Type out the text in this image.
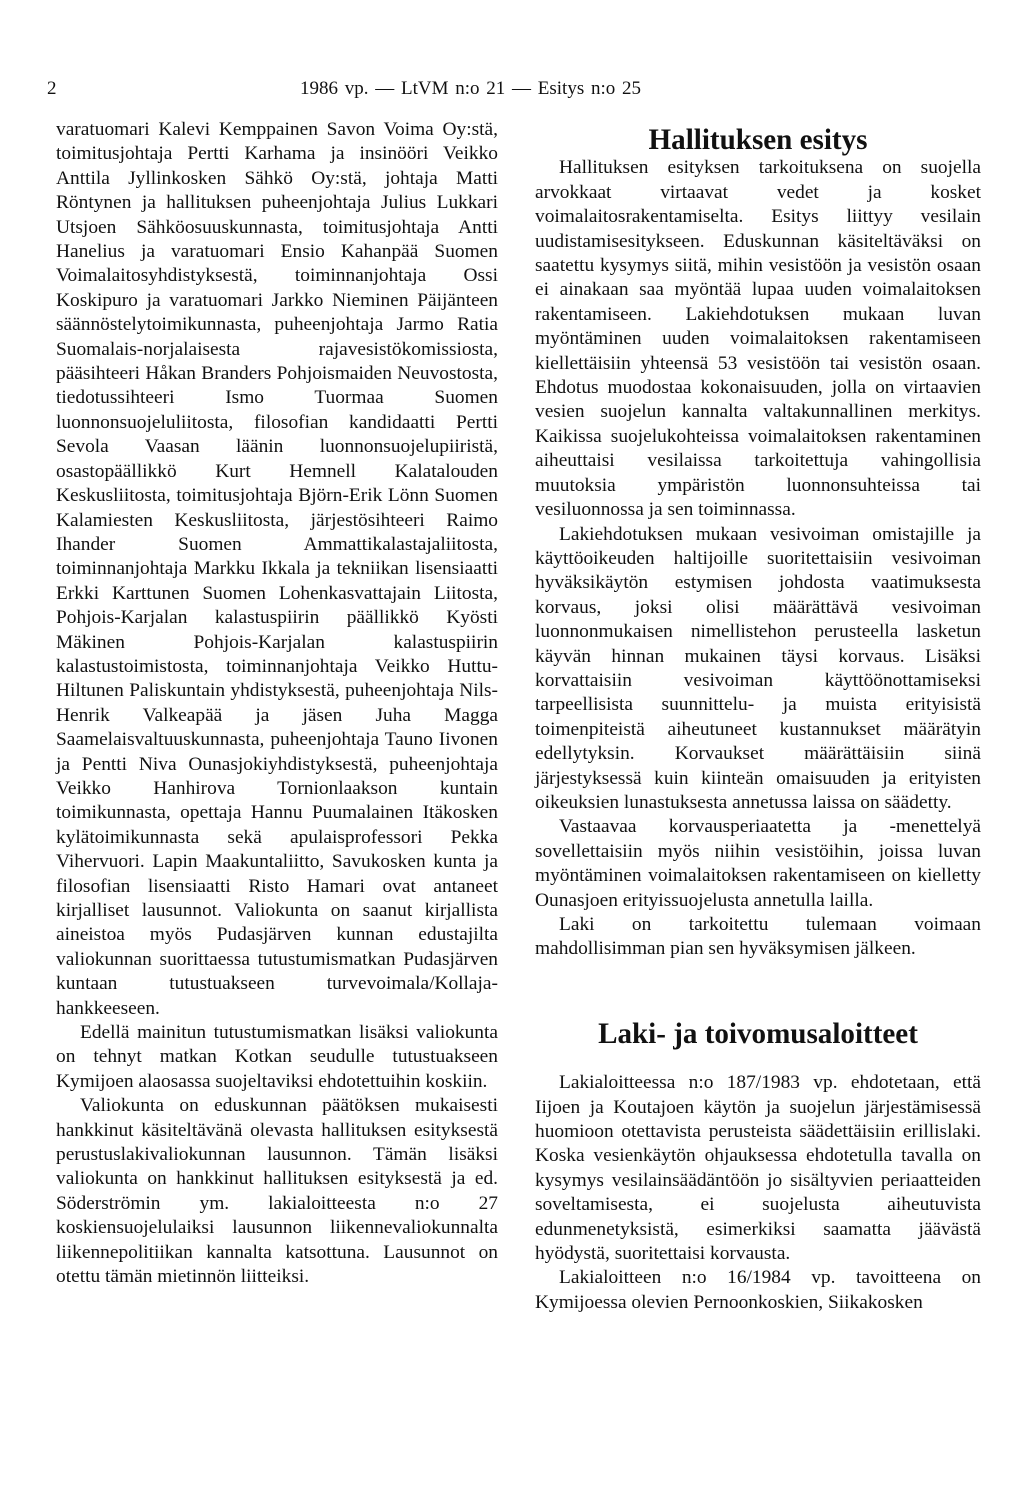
2	1986 vp. — LtVM n:o 21 — Esitys n:o 25

varatuomari Kalevi Kemppainen Savon Voima Oy:stä, toimitusjohtaja Pertti Karhama ja insinööri Veikko Anttila Jyllinkosken Sähkö Oy:stä, johtaja Matti Röntynen ja hallituksen puheenjohtaja Julius Lukkari Utsjoen Sähköosuuskunnasta, toimitusjohtaja Antti Hanelius ja varatuomari Ensio Kahanpää Suomen Voimalaitosyhdistyksestä, toiminnanjohtaja Ossi Koskipuro ja varatuomari Jarkko Nieminen Päijänteen säännöstelytoimikunnasta, puheenjohtaja Jarmo Ratia Suomalais-norjalaisesta rajavesistökomissiosta, pääsihteeri Håkan Branders Pohjoismaiden Neuvostosta, tiedotussihteeri Ismo Tuormaa Suomen luonnonsuojeluliitosta, filosofian kandidaatti Pertti Sevola Vaasan läänin luonnonsuojelupiiristä, osastopäällikkö Kurt Hemnell Kalatalouden Keskusliitosta, toimitusjohtaja Björn-Erik Lönn Suomen Kalamiesten Keskusliitosta, järjestösihteeri Raimo Ihander Suomen Ammattikalastajaliitosta, toiminnanjohtaja Markku Ikkala ja tekniikan lisensiaatti Erkki Karttunen Suomen Lohenkasvattajain Liitosta, Pohjois-Karjalan kalastuspiirin päällikkö Kyösti Mäkinen Pohjois-Karjalan kalastuspiirin kalastustoimistosta, toiminnanjohtaja Veikko Huttu-Hiltunen Paliskuntain yhdistyksestä, puheenjohtaja Nils-Henrik Valkeapää ja jäsen Juha Magga Saamelaisvaltuuskunnasta, puheenjohtaja Tauno Iivonen ja Pentti Niva Ounasjokiyhdistyksestä, puheenjohtaja Veikko Hanhirova Tornionlaakson kuntain toimikunnasta, opettaja Hannu Puumalainen Itäkosken kylätoimikunnasta sekä apulaisprofessori Pekka Vihervuori. Lapin Maakuntaliitto, Savukosken kunta ja filosofian lisensiaatti Risto Hamari ovat antaneet kirjalliset lausunnot. Valiokunta on saanut kirjallista aineistoa myös Pudasjärven kunnan edustajilta valiokunnan suorittaessa tutustumismatkan Pudasjärven kuntaan tutustuakseen turvevoimala/Kollaja-hankkeeseen.

Edellä mainitun tutustumismatkan lisäksi valiokunta on tehnyt matkan Kotkan seudulle tutustuakseen Kymijoen alaosassa suojeltaviksi ehdotettuihin koskiin.

Valiokunta on eduskunnan päätöksen mukaisesti hankkinut käsiteltävänä olevasta hallituksen esityksestä perustuslakivaliokunnan lausunnon. Tämän lisäksi valiokunta on hankkinut hallituksen esityksestä ja ed. Söderströmin ym. lakialoitteesta n:o 27 koskiensuojelulaiksi lausunnon liikennevaliokunnalta liikennepolitiikan kannalta katsottuna. Lausunnot on otettu tämän mietinnön liitteiksi.

Hallituksen esitys

Hallituksen esityksen tarkoituksena on suojella arvokkaat virtaavat vedet ja kosket voimalaitosrakentamiselta. Esitys liittyy vesilain uudistamisesitykseen. Eduskunnan käsiteltäväksi on saatettu kysymys siitä, mihin vesistöön ja vesistön osaan ei ainakaan saa myöntää lupaa uuden voimalaitoksen rakentamiseen. Lakiehdotuksen mukaan luvan myöntäminen uuden voimalaitoksen rakentamiseen kiellettäisiin yhteensä 53 vesistöön tai vesistön osaan. Ehdotus muodostaa kokonaisuuden, jolla on virtaavien vesien suojelun kannalta valtakunnallinen merkitys. Kaikissa suojelukohteissa voimalaitoksen rakentaminen aiheuttaisi vesilaissa tarkoitettuja vahingollisia muutoksia ympäristön luonnonsuhteissa tai vesiluonnossa ja sen toiminnassa.

Lakiehdotuksen mukaan vesivoiman omistajille ja käyttöoikeuden haltijoille suoritettaisiin vesivoiman hyväksikäytön estymisen johdosta vaatimuksesta korvaus, joksi olisi määrättävä vesivoiman luonnonmukaisen nimellistehon perusteella lasketun käyvän hinnan mukainen täysi korvaus. Lisäksi korvattaisiin vesivoiman käyttöönottamiseksi tarpeellisista suunnittelu- ja muista erityisistä toimenpiteistä aiheutuneet kustannukset määrätyin edellytyksin. Korvaukset määrättäisiin siinä järjestyksessä kuin kiinteän omaisuuden ja erityisten oikeuksien lunastuksesta annetussa laissa on säädetty.

Vastaavaa korvausperiaatetta ja -menettelyä sovellettaisiin myös niihin vesistöihin, joissa luvan myöntäminen voimalaitoksen rakentamiseen on kielletty Ounasjoen erityissuojelusta annetulla lailla.

Laki on tarkoitettu tulemaan voimaan mahdollisimman pian sen hyväksymisen jälkeen.

Laki- ja toivomusaloitteet

Lakialoitteessa n:o 187/1983 vp. ehdotetaan, että Iijoen ja Koutajoen käytön ja suojelun järjestämisessä huomioon otettavista perusteista säädettäisiin erillislaki. Koska vesienkäytön ohjauksessa ehdotetulla tavalla on kysymys vesilainsäädäntöön jo sisältyvien periaatteiden soveltamisesta, ei suojelusta aiheutuvista edunmenetyksistä, esimerkiksi saamatta jäävästä hyödystä, suoritettaisi korvausta.

Lakialoitteen n:o 16/1984 vp. tavoitteena on Kymijoessa olevien Pernoonkoskien, Siikakosken
